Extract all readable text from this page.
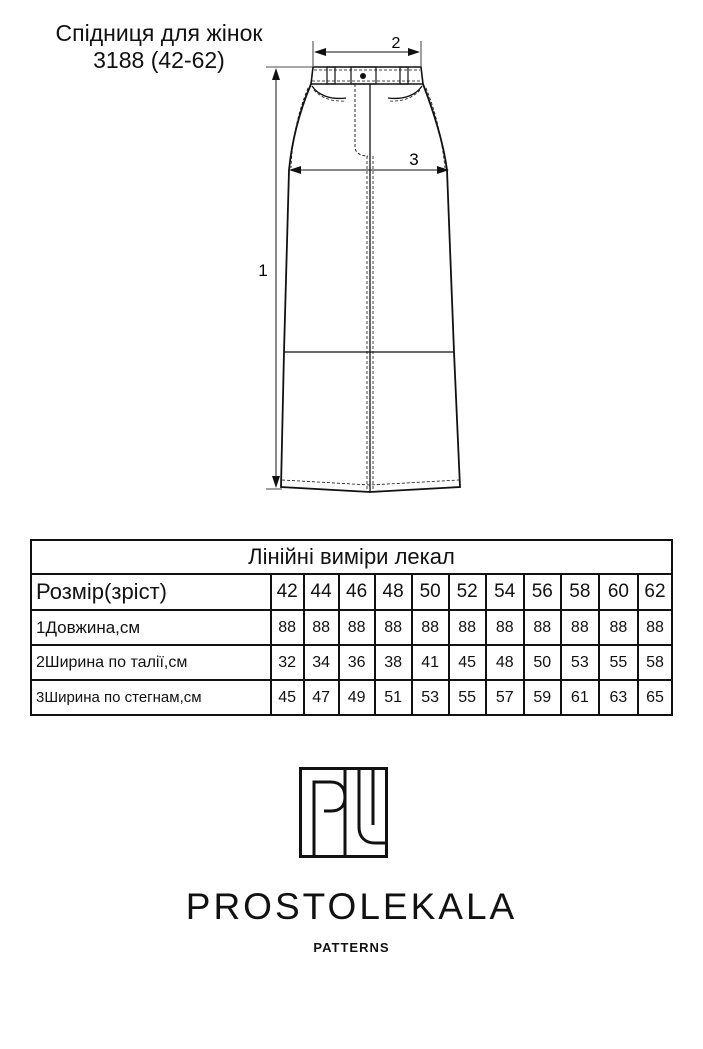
Спідниця для жінок
3188 (42-62)
1
2
3
Лінійні виміри лекал											
Розмір(зріст)	42	44	46	48	50	52	54	56	58	60	62
1Довжина,см	88	88	88	88	88	88	88	88	88	88	88
2Ширина по талії,см	32	34	36	38	41	45	48	50	53	55	58
3Ширина по стегнам,см	45	47	49	51	53	55	57	59	61	63	65
PROSTOLEKALA
PATTERNS
